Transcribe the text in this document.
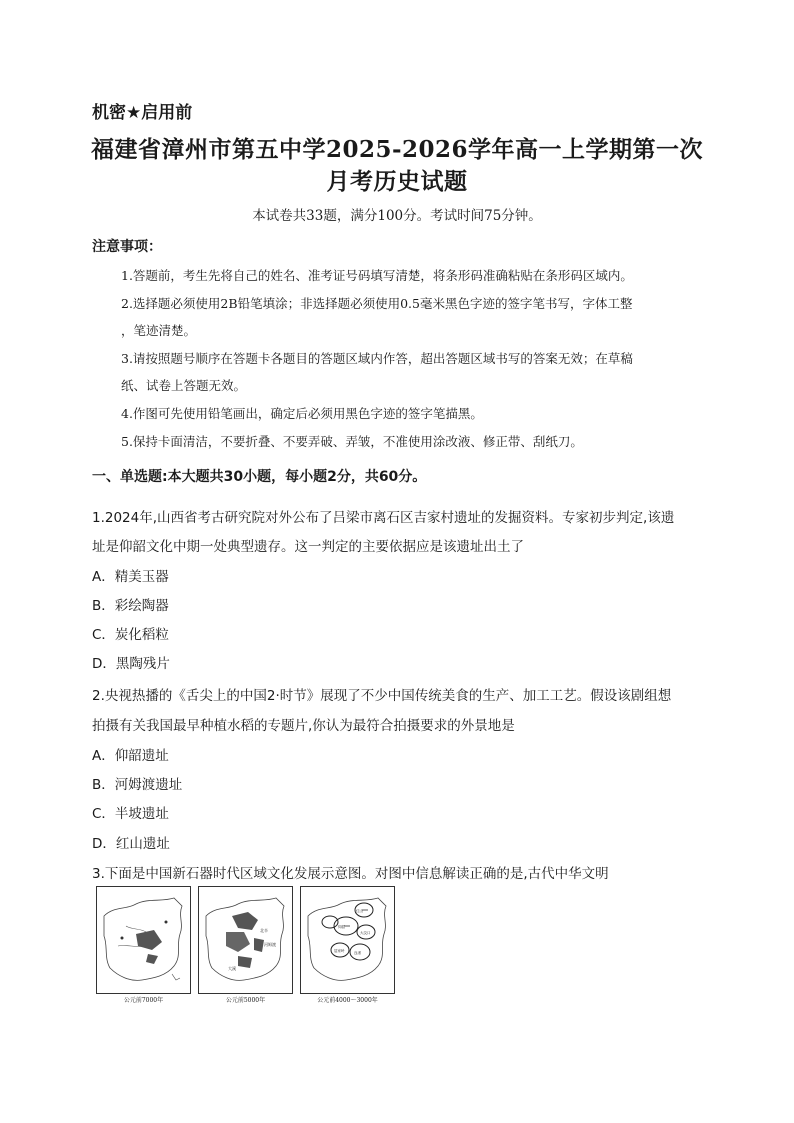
机密★启用前
福建省漳州市第五中学2025-2026学年高一上学期第一次
月考历史试题
本试卷共33题，满分100分。考试时间75分钟。
注意事项：
1.答题前，考生先将自己的姓名、准考证号码填写清楚，将条形码准确粘贴在条形码区域内。
2.选择题必须使用2B铅笔填涂；非选择题必须使用0.5毫米黑色字迹的签字笔书写，字体工整
，笔迹清楚。
3.请按照题号顺序在答题卡各题目的答题区域内作答，超出答题区域书写的答案无效；在草稿
纸、试卷上答题无效。
4.作图可先使用铅笔画出，确定后必须用黑色字迹的签字笔描黑。
5.保持卡面清洁，不要折叠、不要弄破、弄皱，不准使用涂改液、修正带、刮纸刀。
一、单选题:本大题共30小题，每小题2分，共60分。
1.2024年,山西省考古研究院对外公布了吕梁市离石区吉家村遗址的发掘资料。专家初步判定,该遗
址是仰韶文化中期一处典型遗存。这一判定的主要依据应是该遗址出土了
A．精美玉器
B．彩绘陶器
C．炭化稻粒
D．黑陶残片
2.央视热播的《舌尖上的中国2·时节》展现了不少中国传统美食的生产、加工工艺。假设该剧组想
拍摄有关我国最早种植水稻的专题片,你认为最符合拍摄要求的外景地是
A．仰韶遗址
B．河姆渡遗址
C．半坡遗址
D．红山遗址
3.下面是中国新石器时代区域文化发展示意图。对图中信息解读正确的是,古代中华文明
公元前7000年
北辛
河姆渡
大溪
公元前5000年
红山
仰韶
大汶口
良渚
屈家岭
公元前4000～3000年
